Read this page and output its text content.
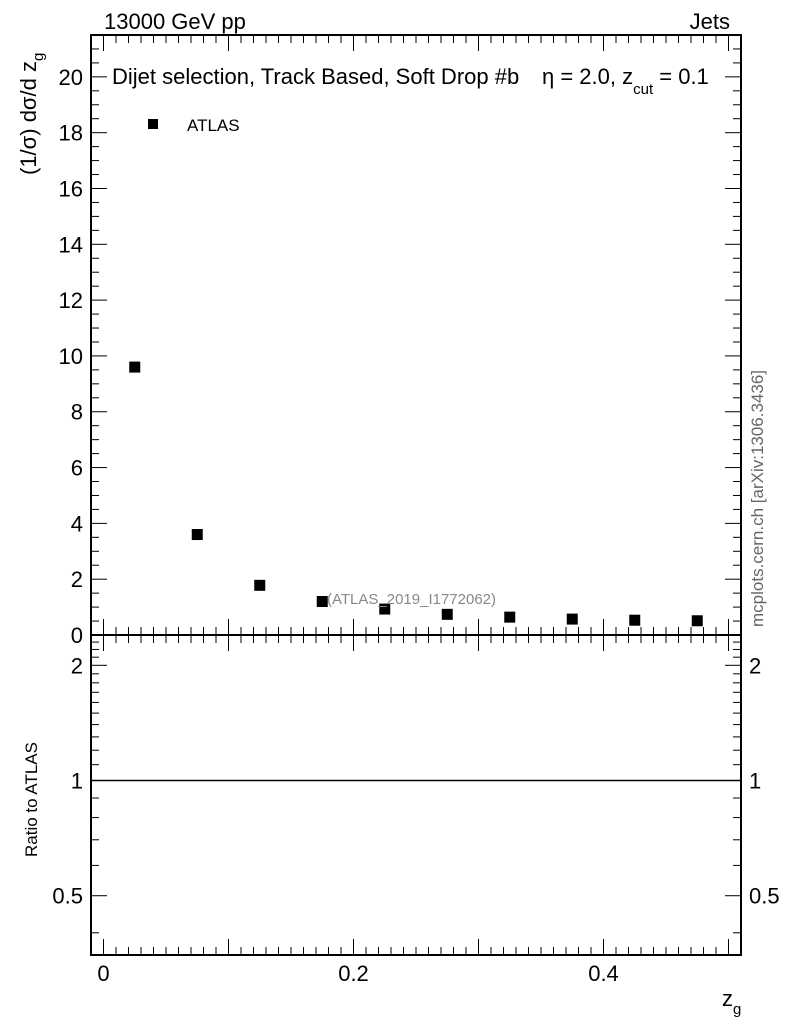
13000 GeV pp	Jets
0
2
4
6
8
10
12
14
16
18
20
0	0.2	0.4
0.5	0.5
1	1
2	2
Dijet selection, Track Based, Soft Drop #b η = 2.0, $z_{cut} = 0.1$
ATLAS
(ATLAS_2019_I1772062)
(1/σ) dσ/d $z_g$
Ratio to ATLAS
mcplots.cern.ch [arXiv:1306.3436]
$z_g$
